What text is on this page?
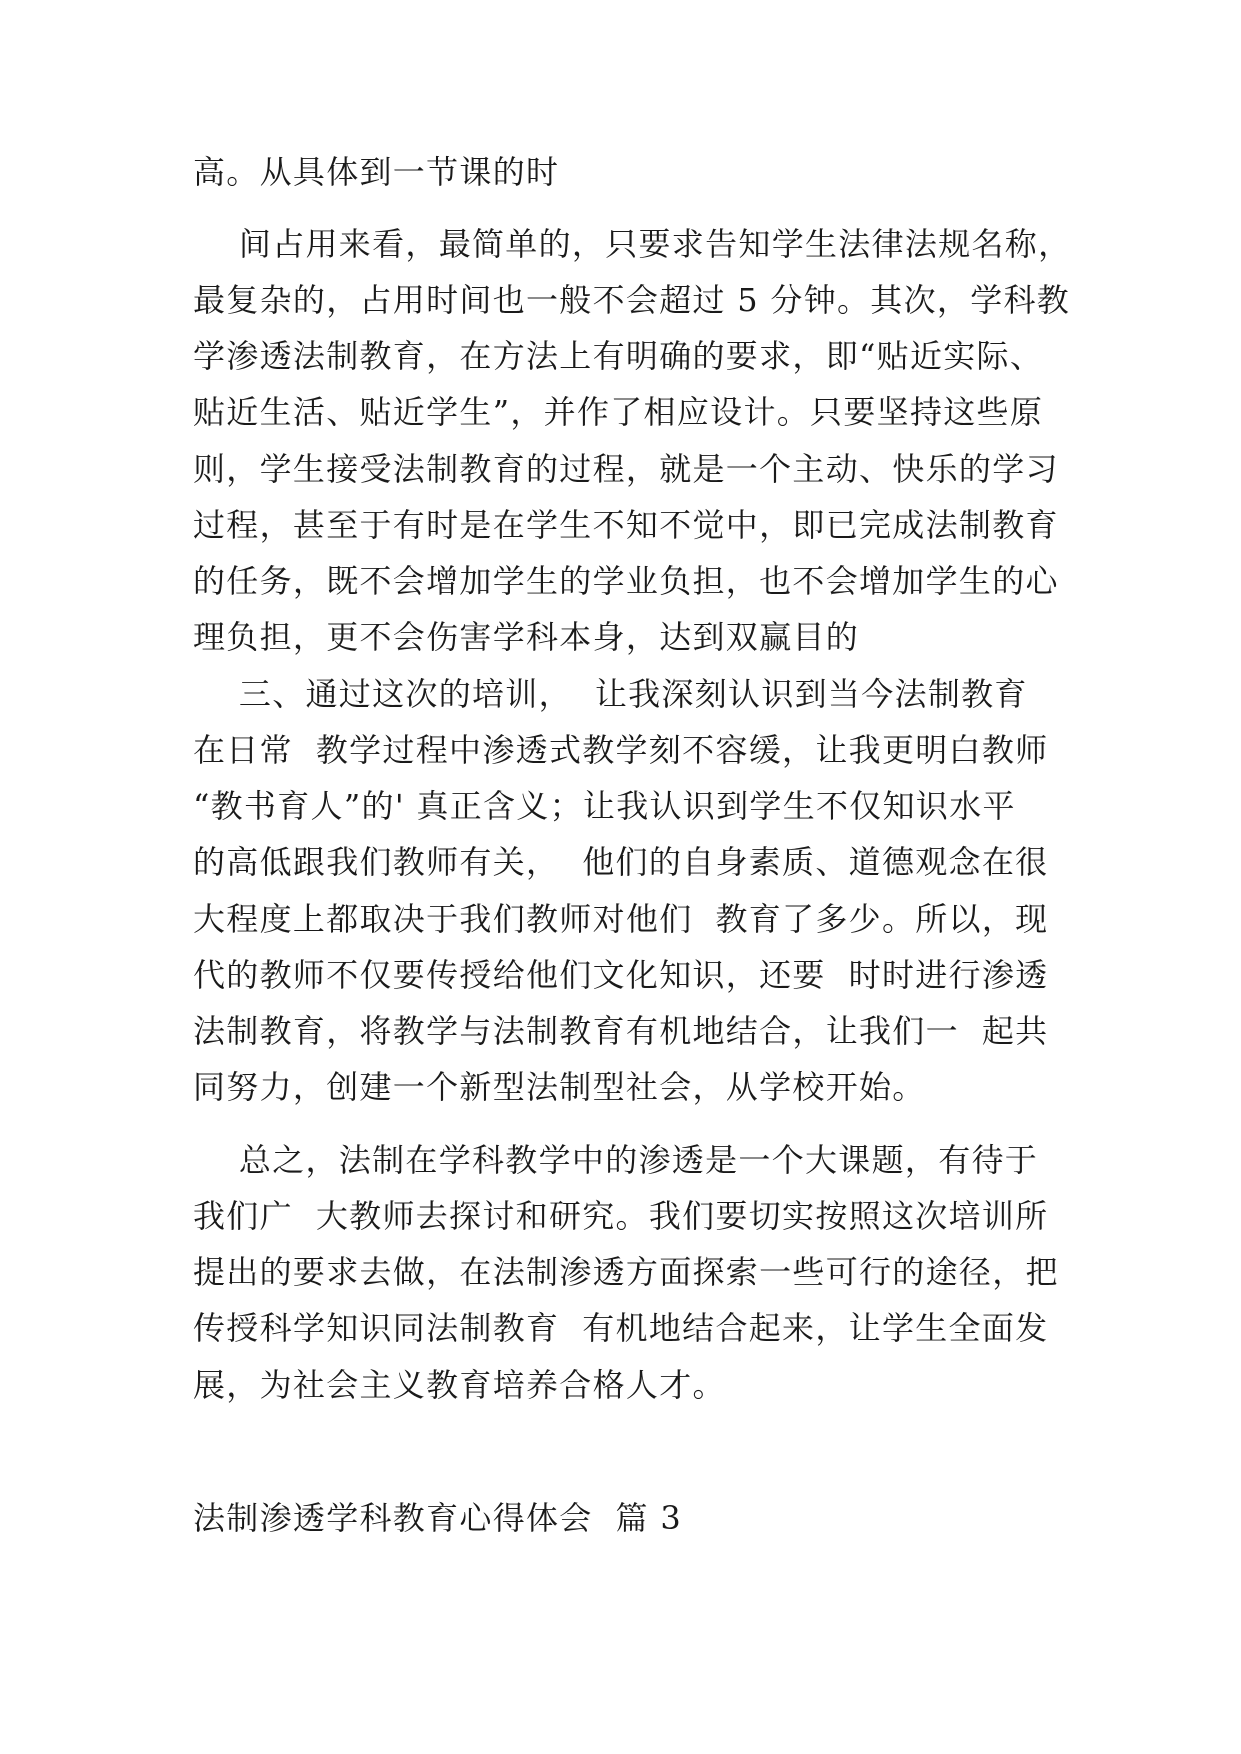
高。从具体到一节课的时
间占用来看，最简单的，只要求告知学生法律法规名称，
最复杂的，占用时间也一般不会超过 5 分钟。其次，学科教
学渗透法制教育，在方法上有明确的要求，即“贴近实际、
贴近生活、贴近学生”，并作了相应设计。只要坚持这些原
则，学生接受法制教育的过程，就是一个主动、快乐的学习
过程，甚至于有时是在学生不知不觉中，即已完成法制教育
的任务，既不会增加学生的学业负担，也不会增加学生的心
理负担，更不会伤害学科本身，达到双赢目的
三、通过这次的培训，  让我深刻认识到当今法制教育
在日常  教学过程中渗透式教学刻不容缓，让我更明白教师
“教书育人”的' 真正含义；让我认识到学生不仅知识水平
的高低跟我们教师有关，  他们的自身素质、道德观念在很
大程度上都取决于我们教师对他们  教育了多少。所以，现
代的教师不仅要传授给他们文化知识，还要  时时进行渗透
法制教育，将教学与法制教育有机地结合，让我们一  起共
同努力，创建一个新型法制型社会，从学校开始。
总之，法制在学科教学中的渗透是一个大课题，有待于
我们广  大教师去探讨和研究。我们要切实按照这次培训所
提出的要求去做，在法制渗透方面探索一些可行的途径，把
传授科学知识同法制教育  有机地结合起来，让学生全面发
展，为社会主义教育培养合格人才。
法制渗透学科教育心得体会  篇 3
